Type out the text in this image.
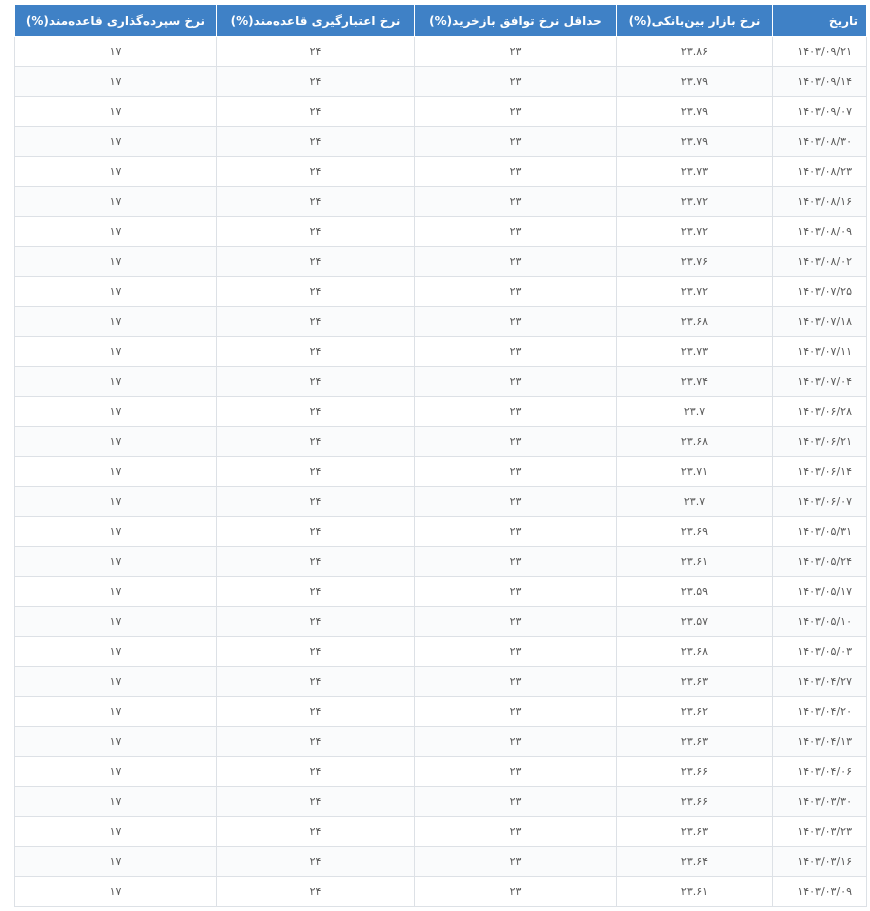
تاریخ	نرخ بازار بین‌بانکی(%)	حداقل نرخ توافق بازخرید(%)	نرخ اعتبارگیری قاعده‌مند(%)	نرخ سپرده‌گذاری قاعده‌مند(%)
۱۴۰۳/۰۹/۲۱	۲۳.۸۶	۲۳	۲۴	۱۷
۱۴۰۳/۰۹/۱۴	۲۳.۷۹	۲۳	۲۴	۱۷
۱۴۰۳/۰۹/۰۷	۲۳.۷۹	۲۳	۲۴	۱۷
۱۴۰۳/۰۸/۳۰	۲۳.۷۹	۲۳	۲۴	۱۷
۱۴۰۳/۰۸/۲۳	۲۳.۷۳	۲۳	۲۴	۱۷
۱۴۰۳/۰۸/۱۶	۲۳.۷۲	۲۳	۲۴	۱۷
۱۴۰۳/۰۸/۰۹	۲۳.۷۲	۲۳	۲۴	۱۷
۱۴۰۳/۰۸/۰۲	۲۳.۷۶	۲۳	۲۴	۱۷
۱۴۰۳/۰۷/۲۵	۲۳.۷۲	۲۳	۲۴	۱۷
۱۴۰۳/۰۷/۱۸	۲۳.۶۸	۲۳	۲۴	۱۷
۱۴۰۳/۰۷/۱۱	۲۳.۷۳	۲۳	۲۴	۱۷
۱۴۰۳/۰۷/۰۴	۲۳.۷۴	۲۳	۲۴	۱۷
۱۴۰۳/۰۶/۲۸	۲۳.۷	۲۳	۲۴	۱۷
۱۴۰۳/۰۶/۲۱	۲۳.۶۸	۲۳	۲۴	۱۷
۱۴۰۳/۰۶/۱۴	۲۳.۷۱	۲۳	۲۴	۱۷
۱۴۰۳/۰۶/۰۷	۲۳.۷	۲۳	۲۴	۱۷
۱۴۰۳/۰۵/۳۱	۲۳.۶۹	۲۳	۲۴	۱۷
۱۴۰۳/۰۵/۲۴	۲۳.۶۱	۲۳	۲۴	۱۷
۱۴۰۳/۰۵/۱۷	۲۳.۵۹	۲۳	۲۴	۱۷
۱۴۰۳/۰۵/۱۰	۲۳.۵۷	۲۳	۲۴	۱۷
۱۴۰۳/۰۵/۰۳	۲۳.۶۸	۲۳	۲۴	۱۷
۱۴۰۳/۰۴/۲۷	۲۳.۶۳	۲۳	۲۴	۱۷
۱۴۰۳/۰۴/۲۰	۲۳.۶۲	۲۳	۲۴	۱۷
۱۴۰۳/۰۴/۱۳	۲۳.۶۳	۲۳	۲۴	۱۷
۱۴۰۳/۰۴/۰۶	۲۳.۶۶	۲۳	۲۴	۱۷
۱۴۰۳/۰۳/۳۰	۲۳.۶۶	۲۳	۲۴	۱۷
۱۴۰۳/۰۳/۲۳	۲۳.۶۳	۲۳	۲۴	۱۷
۱۴۰۳/۰۳/۱۶	۲۳.۶۴	۲۳	۲۴	۱۷
۱۴۰۳/۰۳/۰۹	۲۳.۶۱	۲۳	۲۴	۱۷
